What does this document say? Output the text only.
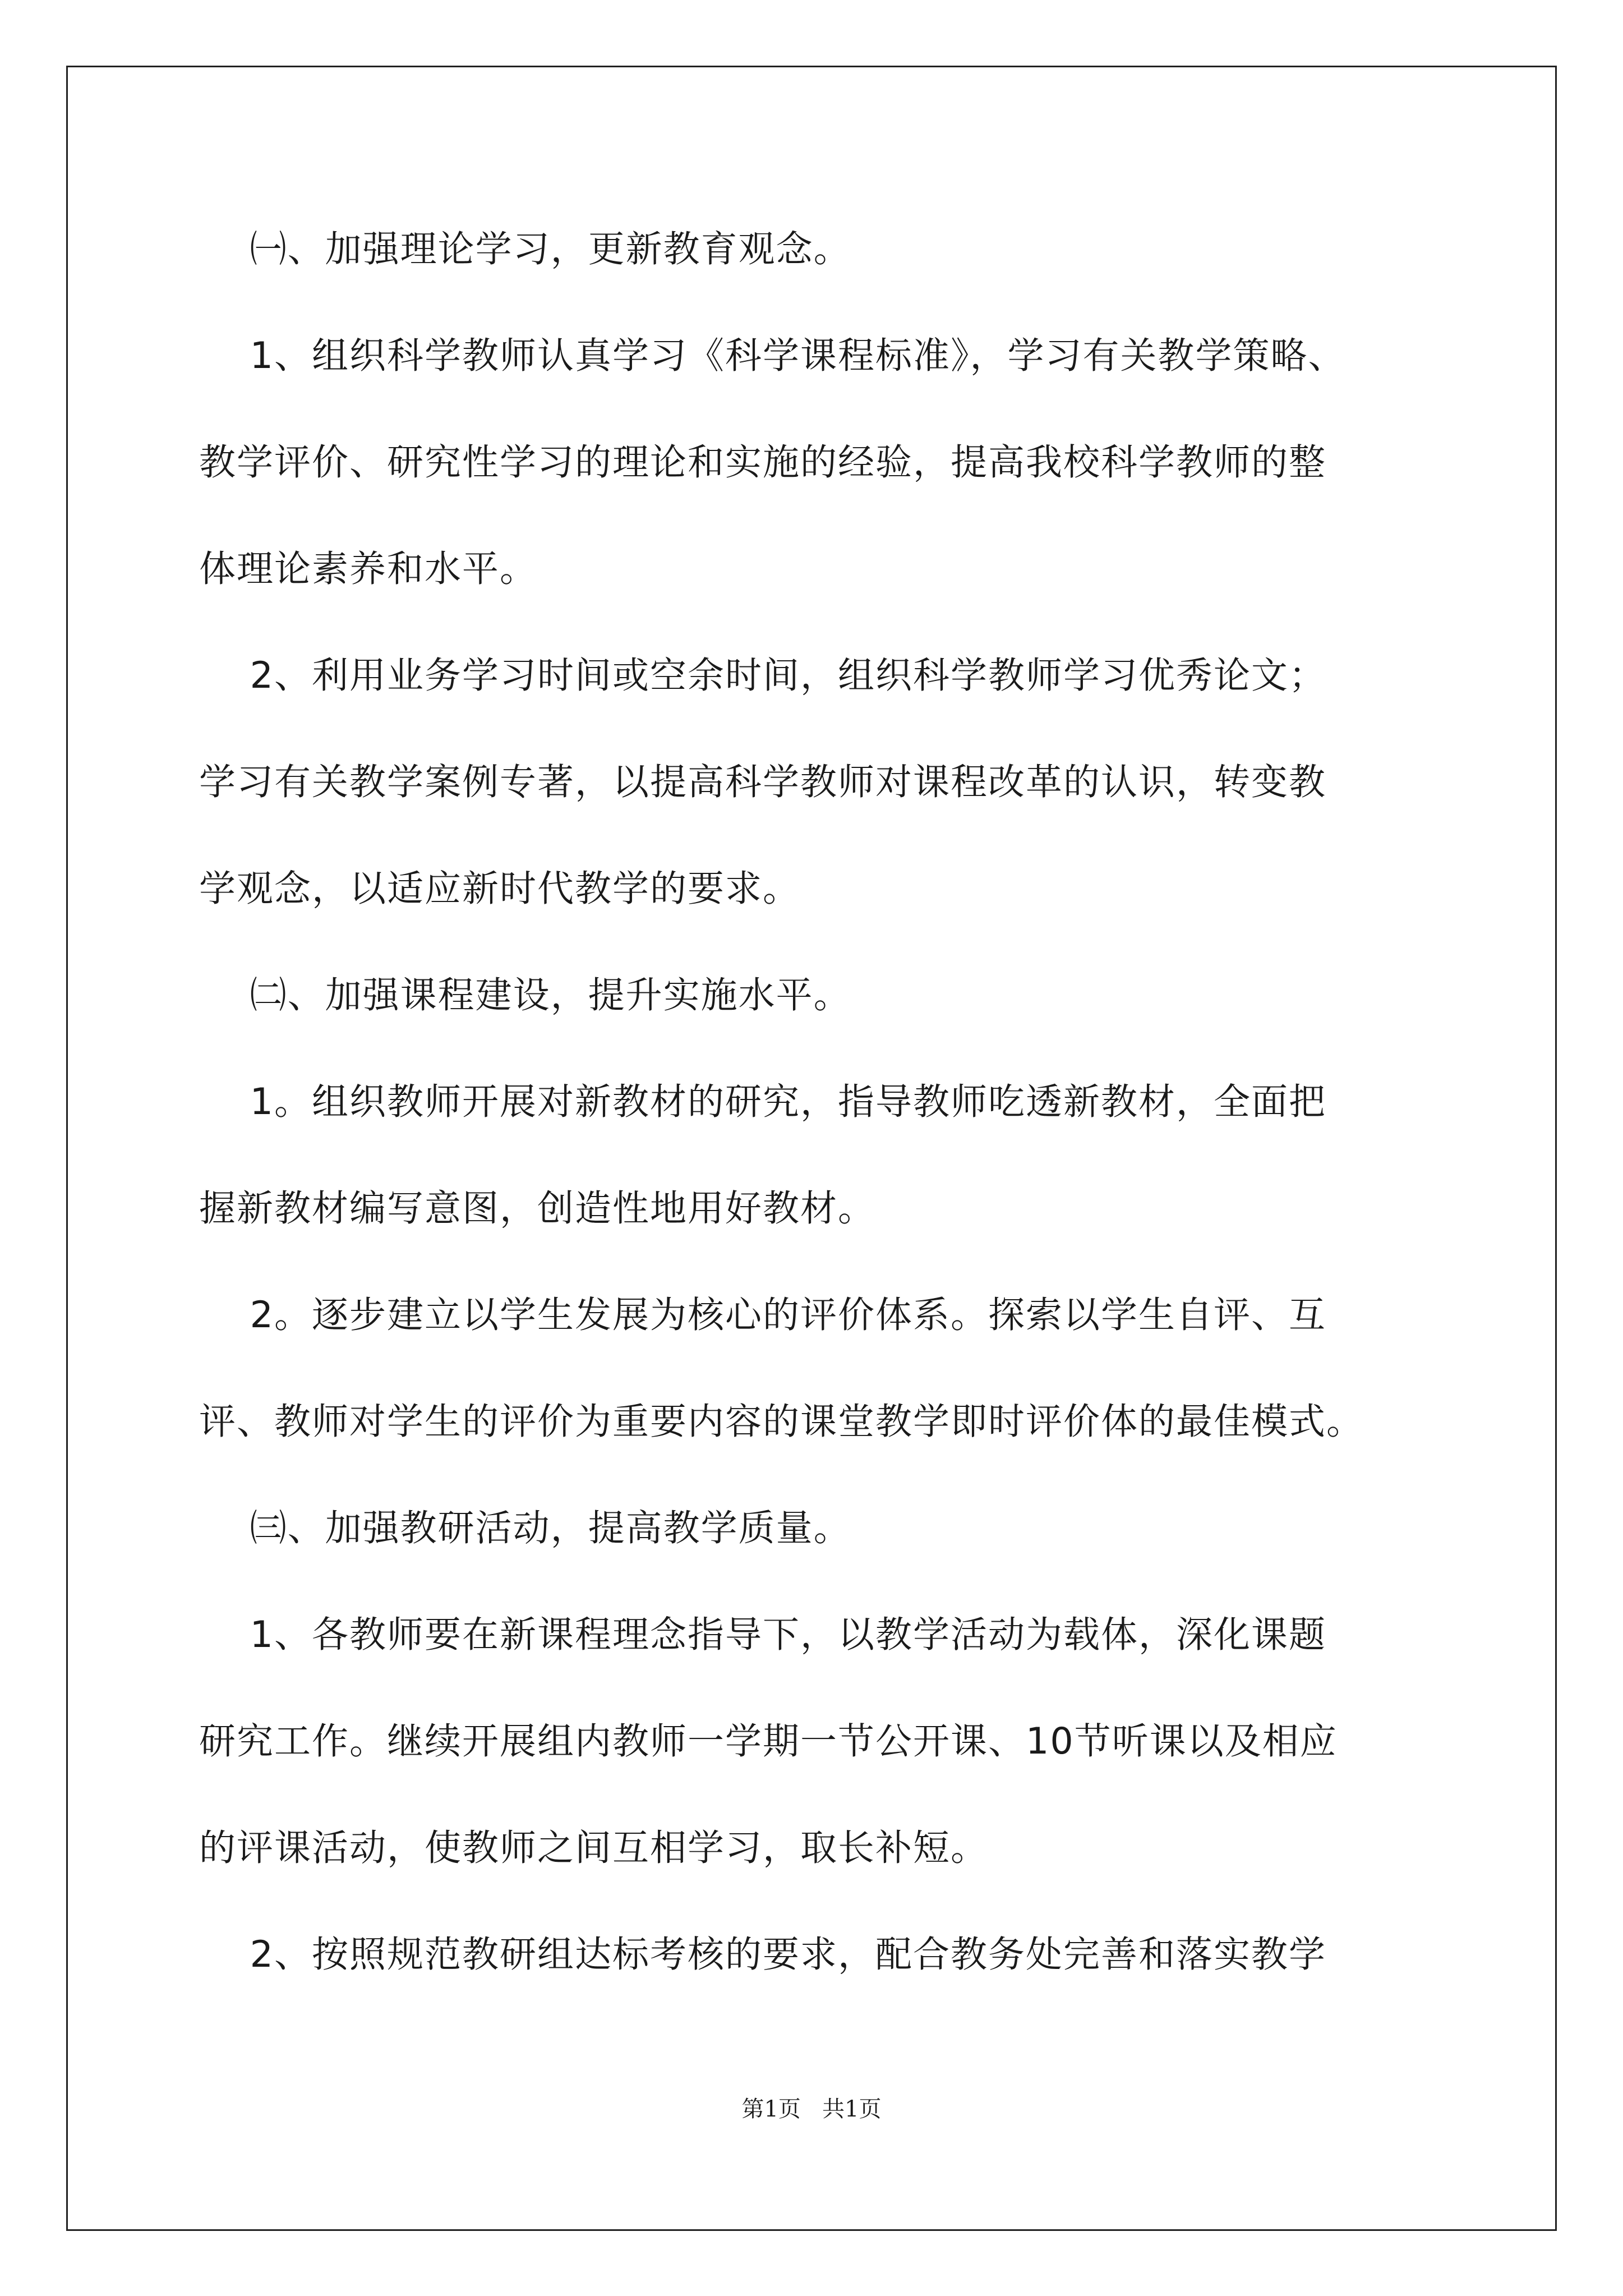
㈠、加强理论学习，更新教育观念。
1、组织科学教师认真学习《科学课程标准》，学习有关教学策略、
教学评价、研究性学习的理论和实施的经验，提高我校科学教师的整
体理论素养和水平。
2、利用业务学习时间或空余时间，组织科学教师学习优秀论文；
学习有关教学案例专著，以提高科学教师对课程改革的认识，转变教
学观念，以适应新时代教学的要求。
㈡、加强课程建设，提升实施水平。
1。组织教师开展对新教材的研究，指导教师吃透新教材，全面把
握新教材编写意图，创造性地用好教材。
2。逐步建立以学生发展为核心的评价体系。探索以学生自评、互
评、教师对学生的评价为重要内容的课堂教学即时评价体的最佳模式。
㈢、加强教研活动，提高教学质量。
1、各教师要在新课程理念指导下，以教学活动为载体，深化课题
研究工作。继续开展组内教师一学期一节公开课、10节听课以及相应
的评课活动，使教师之间互相学习，取长补短。
2、按照规范教研组达标考核的要求，配合教务处完善和落实教学
第1页   共1页
